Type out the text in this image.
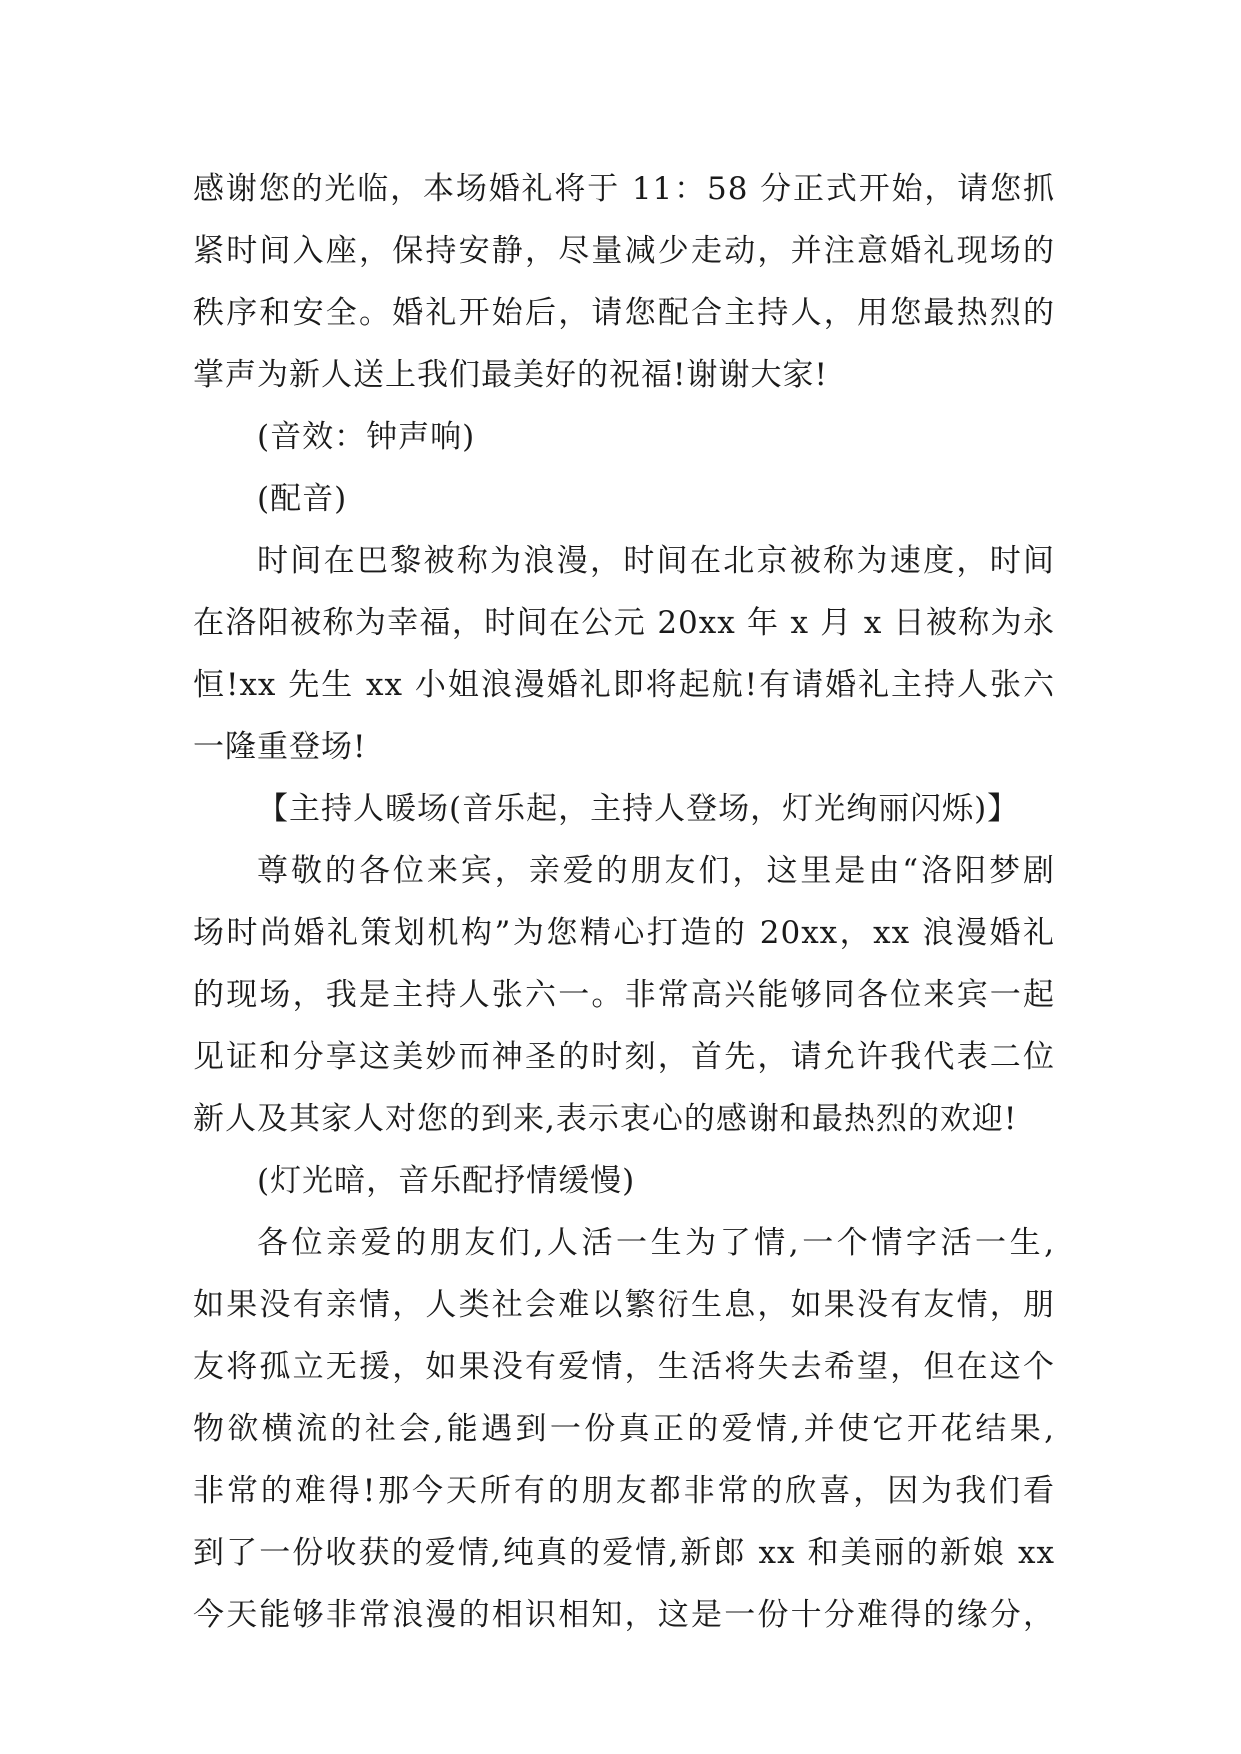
感谢您的光临，本场婚礼将于 11：58 分正式开始，请您抓
紧时间入座，保持安静，尽量减少走动，并注意婚礼现场的
秩序和安全。婚礼开始后，请您配合主持人，用您最热烈的
掌声为新人送上我们最美好的祝福!谢谢大家!
(音效：钟声响)
(配音)
时间在巴黎被称为浪漫，时间在北京被称为速度，时间
在洛阳被称为幸福，时间在公元 20xx 年 x 月 x 日被称为永
恒!xx 先生 xx 小姐浪漫婚礼即将起航!有请婚礼主持人张六
一隆重登场!
【主持人暖场(音乐起，主持人登场，灯光绚丽闪烁)】
尊敬的各位来宾，亲爱的朋友们，这里是由“洛阳梦剧
场时尚婚礼策划机构”为您精心打造的 20xx，xx 浪漫婚礼
的现场，我是主持人张六一。非常高兴能够同各位来宾一起
见证和分享这美妙而神圣的时刻，首先，请允许我代表二位
新人及其家人对您的到来,表示衷心的感谢和最热烈的欢迎!
(灯光暗，音乐配抒情缓慢)
各位亲爱的朋友们,人活一生为了情,一个情字活一生,
如果没有亲情，人类社会难以繁衍生息，如果没有友情，朋
友将孤立无援，如果没有爱情，生活将失去希望，但在这个
物欲横流的社会,能遇到一份真正的爱情,并使它开花结果,
非常的难得!那今天所有的朋友都非常的欣喜，因为我们看
到了一份收获的爱情,纯真的爱情,新郎 xx 和美丽的新娘 xx
今天能够非常浪漫的相识相知，这是一份十分难得的缘分，
